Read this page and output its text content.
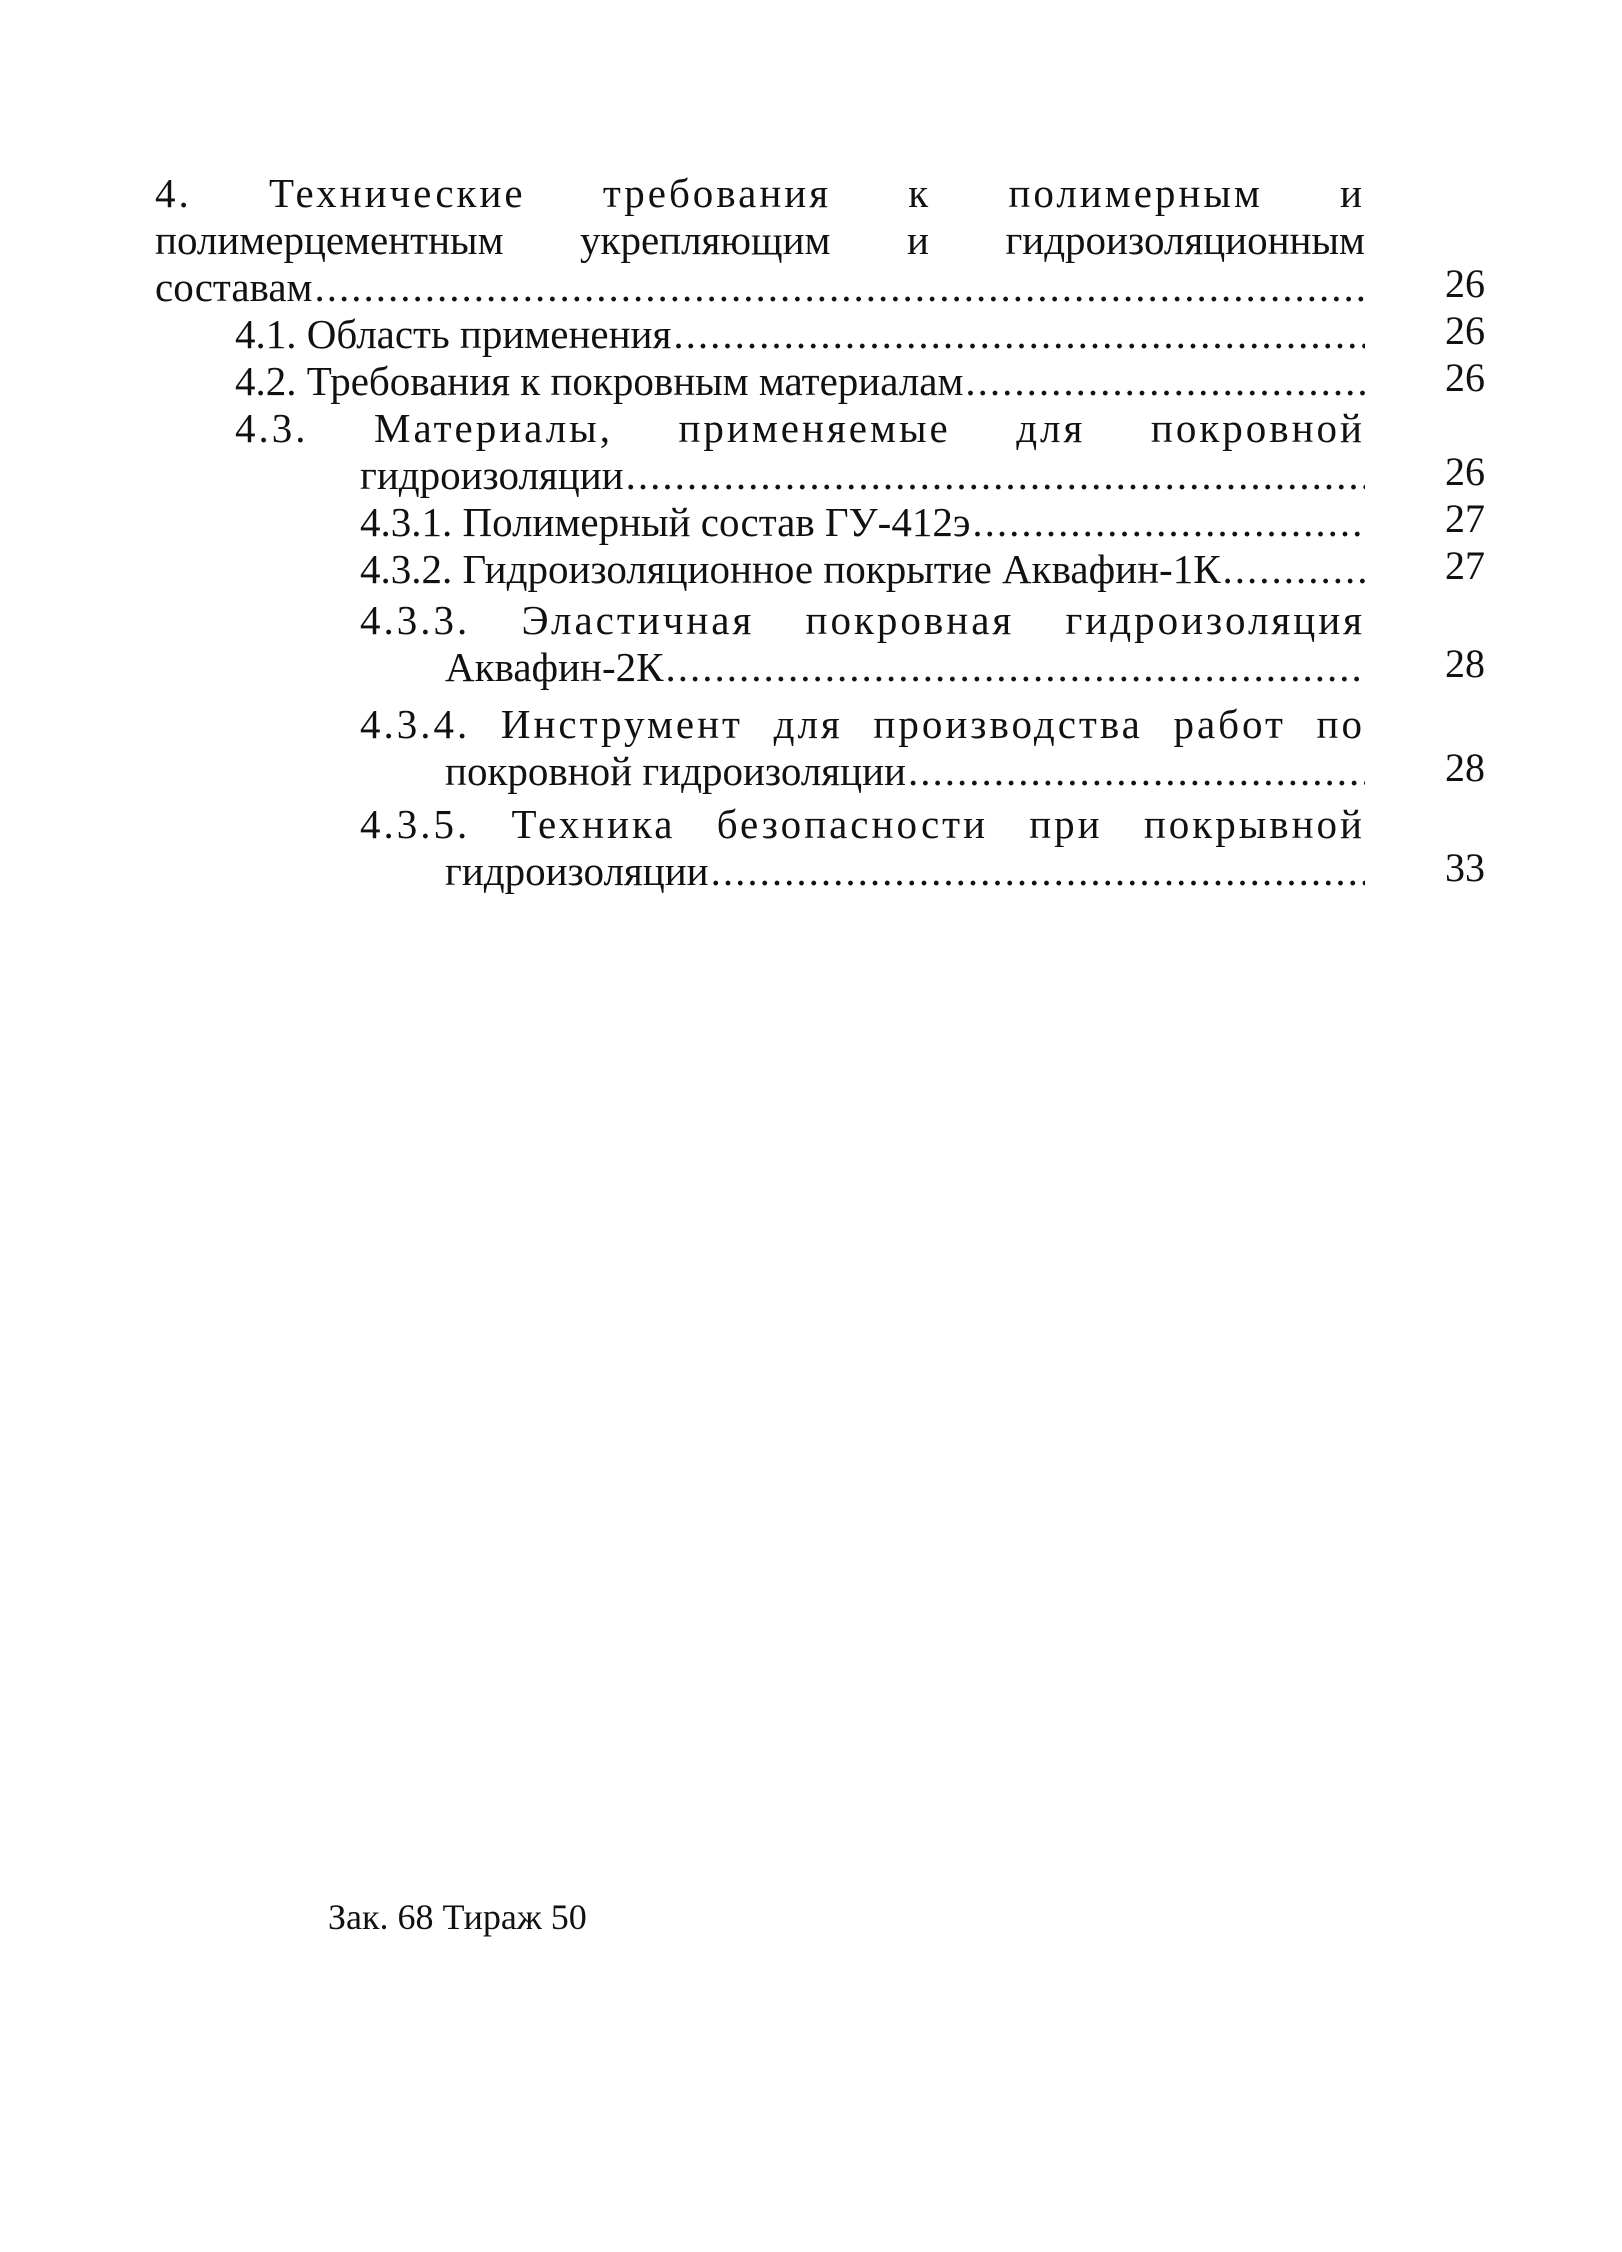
4. Технические требования к полимерным и
полимерцементным укрепляющим и гидроизоляционным
составам .....	26
4.1. Область применения .....	26
4.2. Требования к покровным материалам .....	26
4.3. Материалы, применяемые для покровной
гидроизоляции .....	26
4.3.1. Полимерный состав ГУ-412э .....	27
4.3.2. Гидроизоляционное покрытие Аквафин-1К .....	27
4.3.3. Эластичная покровная гидроизоляция
Аквафин-2К .....	28
4.3.4. Инструмент для производства работ по
покровной гидроизоляции .....	28
4.3.5. Техника безопасности при покрывной
гидроизоляции .....	33
Зак. 68 Тираж 50
